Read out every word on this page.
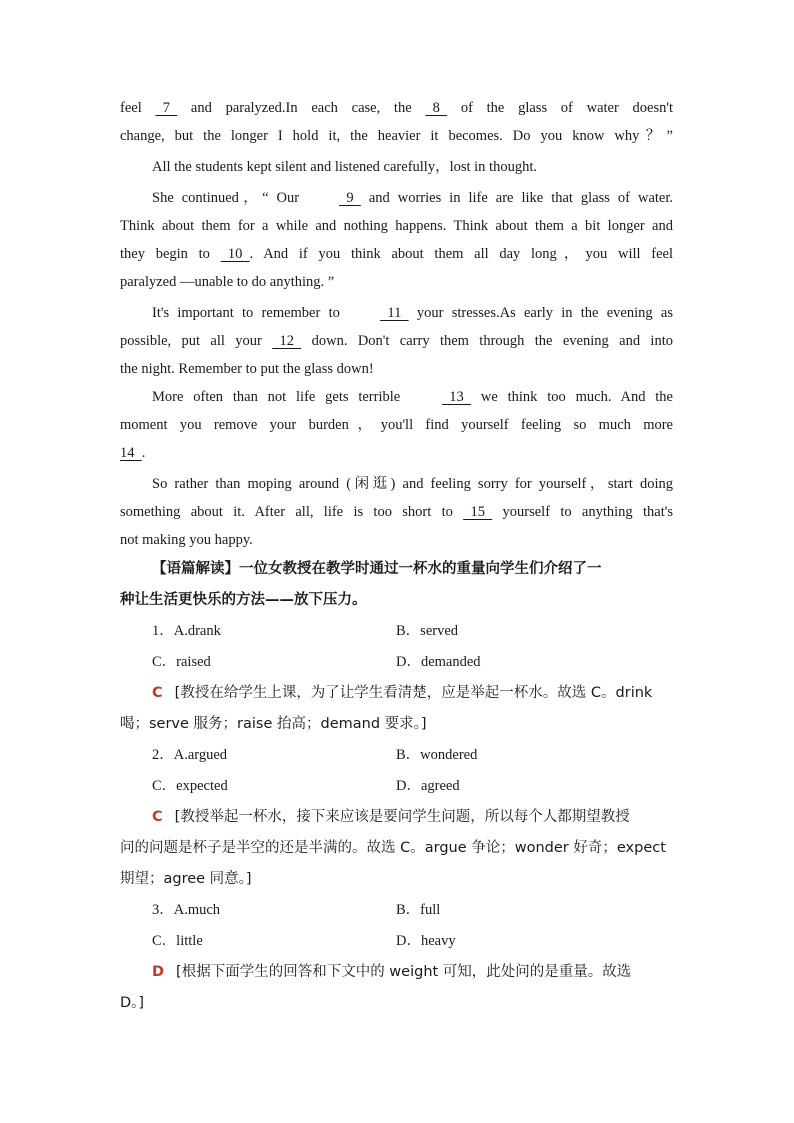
feel   7   and paralyzed.In each case, the   8   of the glass of water doesn't
change, but the longer I hold it, the heavier it becomes. Do you know why？”
All the students kept silent and listened carefully，lost in thought.
She continued，“ Our   9   and worries in life are like that glass of water.
Think about them for a while and nothing happens. Think about them a bit longer and
they begin to   10  . And if you think about them all day long，you will feel
paralyzed —unable to do anything. ”
It's important to remember to   11   your stresses.As early in the evening as
possible, put all your   12   down. Don't carry them through the evening and into
the night. Remember to put the glass down!
More often than not life gets terrible   13   we think too much. And the
moment you remove your burden，you'll find yourself feeling so much more
14  .
So rather than moping around (闲逛) and feeling sorry for yourself，start doing
something about it. After all, life is too short to   15   yourself to anything that's
not making you happy.
【语篇解读】一位女教授在教学时通过一杯水的重量向学生们介绍了一
种让生活更快乐的方法——放下压力。
1．A.drank	B．served
C．raised	D．demanded
C [教授在给学生上课，为了让学生看清楚，应是举起一杯水。故选 C。drink
喝；serve 服务；raise 抬高；demand 要求。]
2．A.argued	B．wondered
C．expected	D．agreed
C [教授举起一杯水，接下来应该是要问学生问题，所以每个人都期望教授
问的问题是杯子是半空的还是半满的。故选 C。argue 争论；wonder 好奇；expect
期望；agree 同意。]
3．A.much	B．full
C．little	D．heavy
D [根据下面学生的回答和下文中的 weight 可知，此处问的是重量。故选
D。]
